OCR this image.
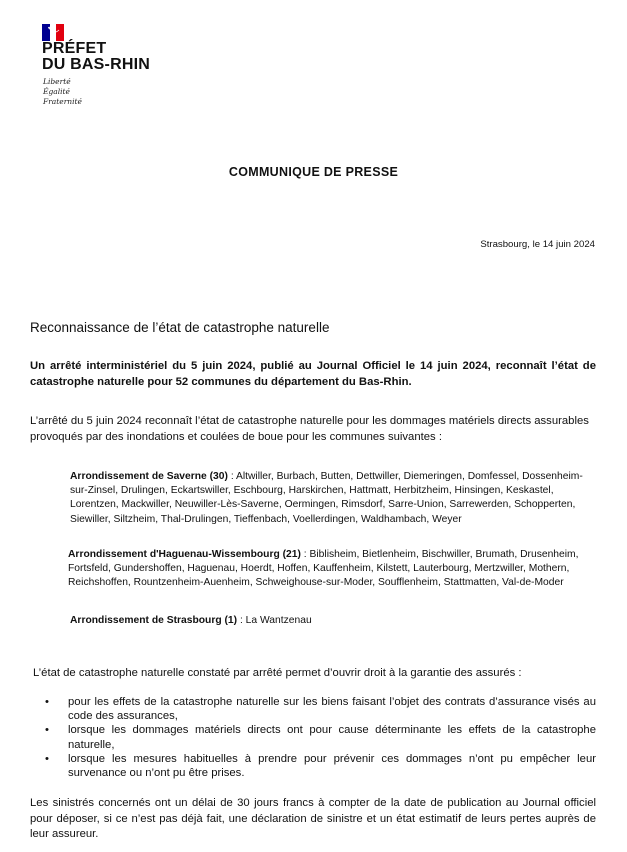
PRÉFET
DU BAS-RHIN
Liberté
Égalité
Fraternité
COMMUNIQUE DE PRESSE
Strasbourg, le 14 juin 2024
Reconnaissance de l’état de catastrophe naturelle
Un arrêté interministériel du 5 juin 2024, publié au Journal Officiel le 14 juin 2024, reconnaît l’état de catastrophe naturelle pour 52 communes du département du Bas-Rhin.
L’arrêté du 5 juin 2024 reconnaît l’état de catastrophe naturelle pour les dommages matériels directs assurables provoqués par des inondations et coulées de boue pour les communes suivantes :
Arrondissement de Saverne (30) : Altwiller, Burbach, Butten, Dettwiller, Diemeringen, Domfessel, Dossenheim-sur-Zinsel, Drulingen, Eckartswiller, Eschbourg, Harskirchen, Hattmatt, Herbitzheim, Hinsingen, Keskastel, Lorentzen, Mackwiller, Neuwiller-Lès-Saverne, Oermingen, Rimsdorf, Sarre-Union, Sarrewerden, Schopperten, Siewiller, Siltzheim, Thal-Drulingen, Tieffenbach, Voellerdingen, Waldhambach, Weyer
Arrondissement d'Haguenau-Wissembourg (21) : Biblisheim, Bietlenheim, Bischwiller, Brumath, Drusenheim, Fortsfeld, Gundershoffen, Haguenau, Hoerdt, Hoffen, Kauffenheim, Kilstett, Lauterbourg, Mertzwiller, Mothern, Reichshoffen, Rountzenheim-Auenheim, Schweighouse-sur-Moder, Soufflenheim, Stattmatten, Val-de-Moder
Arrondissement de Strasbourg (1) : La Wantzenau
L’état de catastrophe naturelle constaté par arrêté permet d’ouvrir droit à la garantie des assurés :
• pour les effets de la catastrophe naturelle sur les biens faisant l’objet des contrats d’assurance visés au code des assurances,
• lorsque les dommages matériels directs ont pour cause déterminante les effets de la catastrophe naturelle,
• lorsque les mesures habituelles à prendre pour prévenir ces dommages n’ont pu empêcher leur survenance ou n’ont pu être prises.
Les sinistrés concernés ont un délai de 30 jours francs à compter de la date de publication au Journal officiel pour déposer, si ce n’est pas déjà fait, une déclaration de sinistre et un état estimatif de leurs pertes auprès de leur assureur.
